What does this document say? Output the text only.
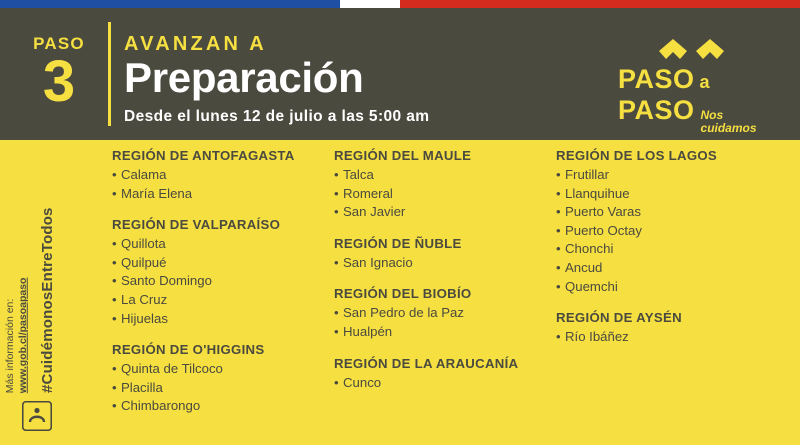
PASO
3
AVANZAN A
Preparación
Desde el lunes 12 de julio a las 5:00 am
PASO a
PASO Nos cuidamos
#CuidémonosEntreTodos
Más información en:
www.gob.cl/pasoapaso
REGIÓN DE ANTOFAGASTA
• Calama
• María Elena
REGIÓN DE VALPARAÍSO
• Quillota
• Quilpué
• Santo Domingo
• La Cruz
• Hijuelas
REGIÓN DE O'HIGGINS
• Quinta de Tilcoco
• Placilla
• Chimbarongo
REGIÓN DEL MAULE
• Talca
• Romeral
• San Javier
REGIÓN DE ÑUBLE
• San Ignacio
REGIÓN DEL BIOBÍO
• San Pedro de la Paz
• Hualpén
REGIÓN DE LA ARAUCANÍA
• Cunco
REGIÓN DE LOS LAGOS
• Frutillar
• Llanquihue
• Puerto Varas
• Puerto Octay
• Chonchi
• Ancud
• Quemchi
REGIÓN DE AYSÉN
• Río Ibáñez
